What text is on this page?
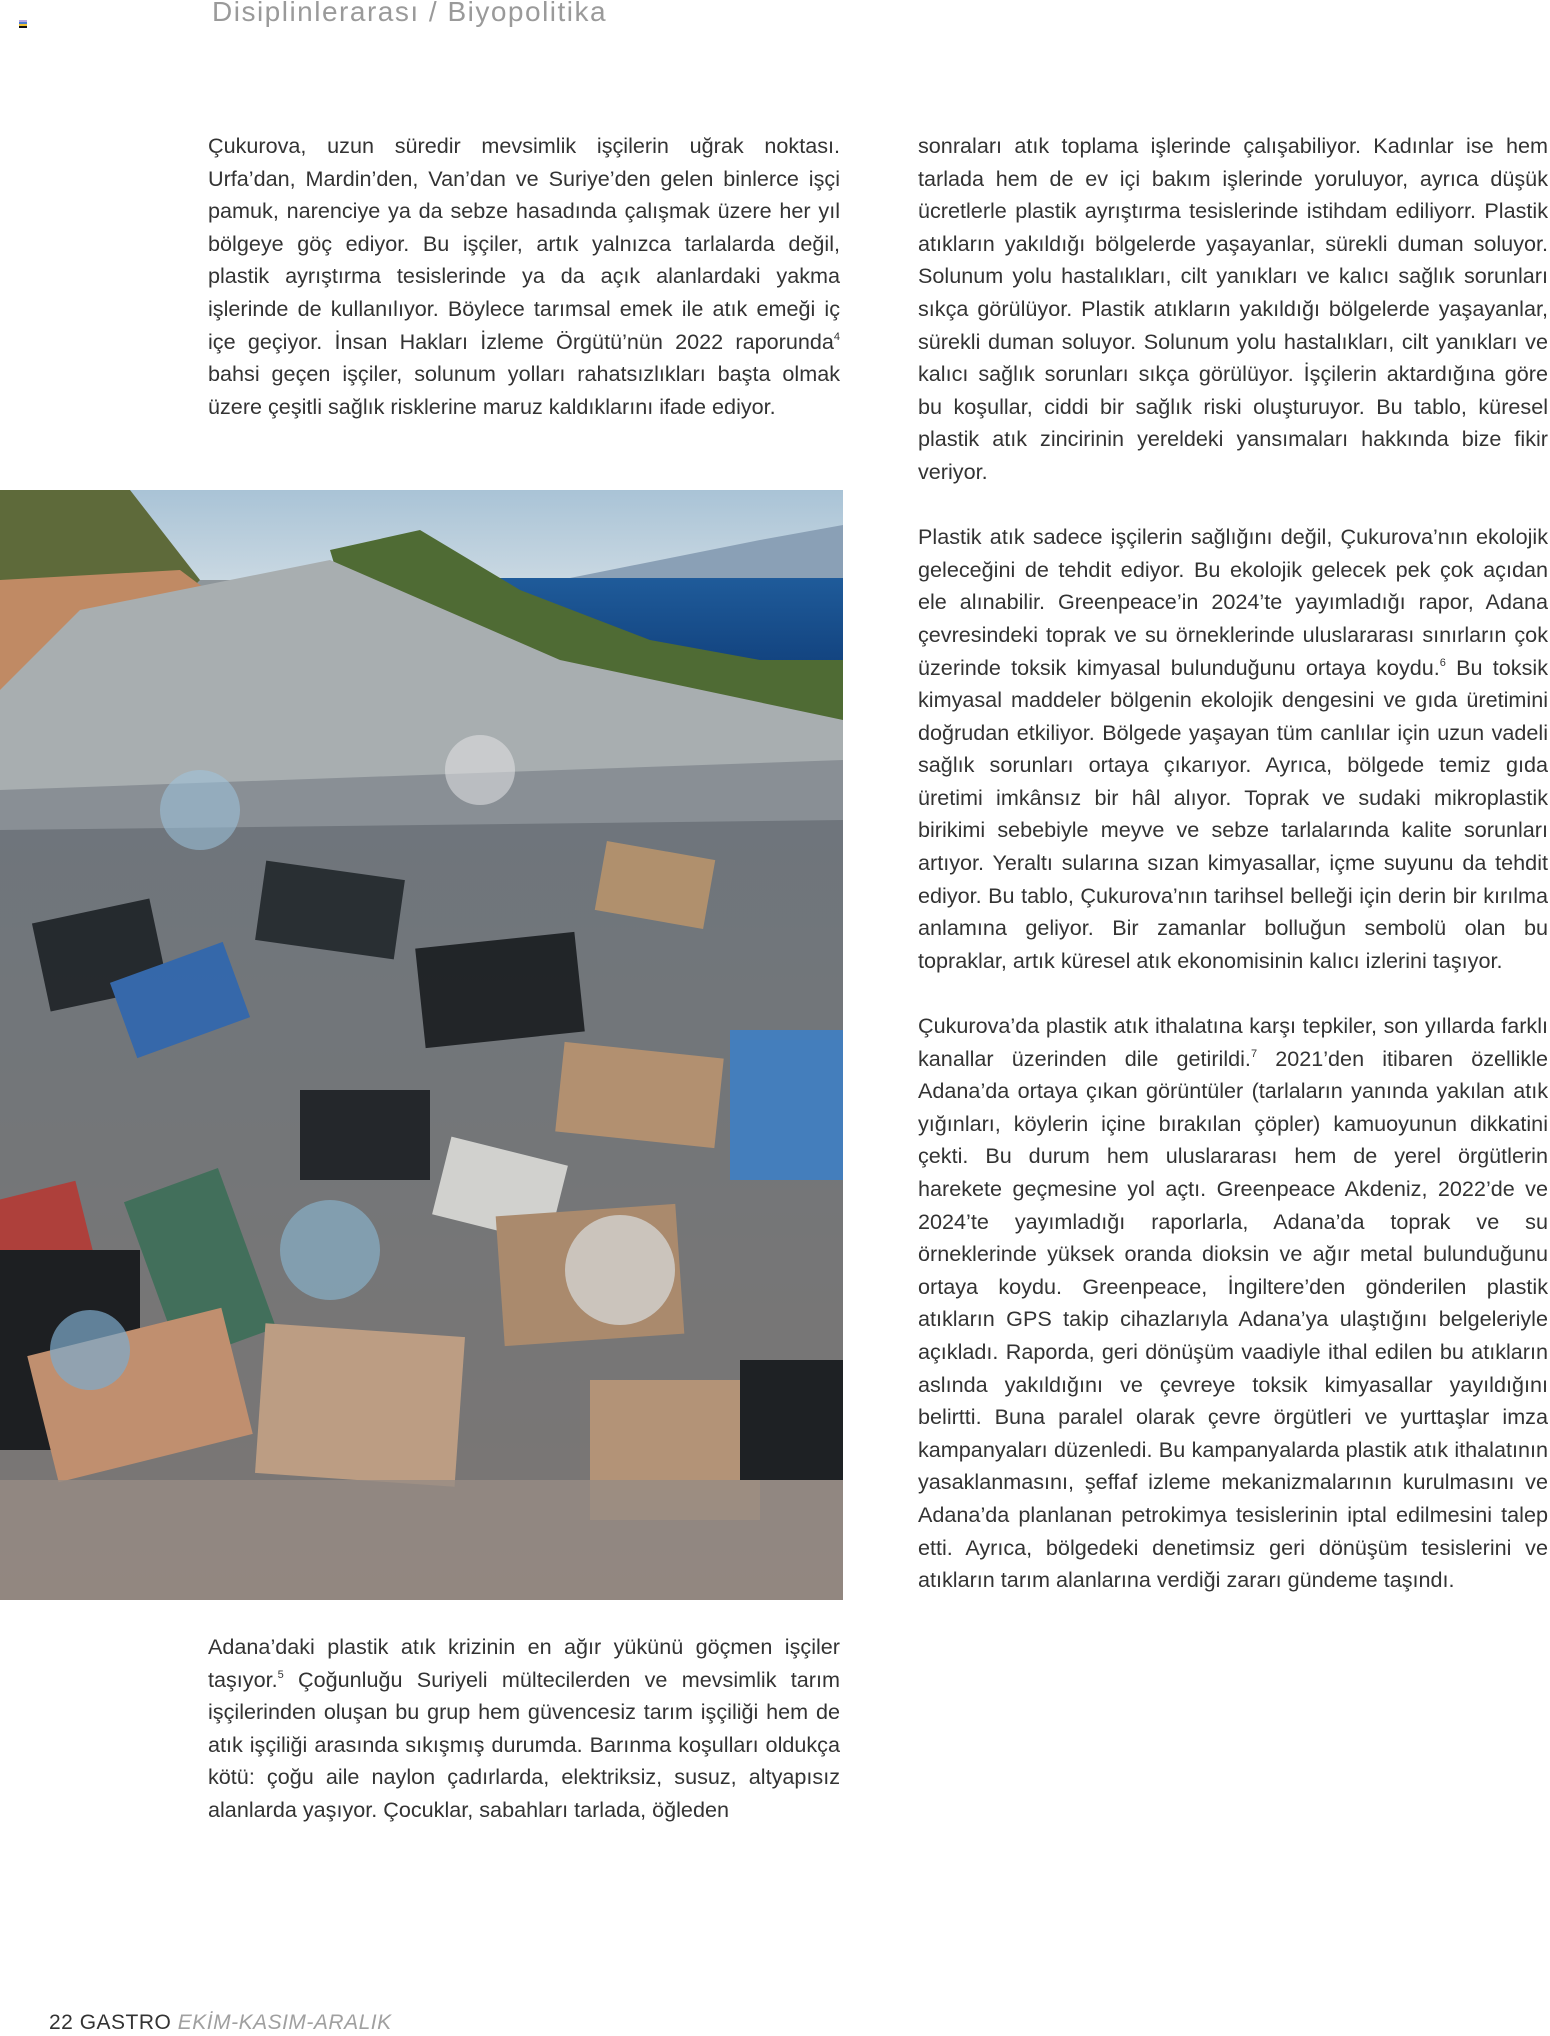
Disiplinlerarası / Biyopolitika

Çukurova, uzun süredir mevsimlik işçilerin uğrak noktası. Urfa’dan, Mardin’den, Van’dan ve Suriye’den gelen binlerce işçi pamuk, narenciye ya da sebze hasadında çalışmak üzere her yıl bölgeye göç ediyor. Bu işçiler, artık yalnızca tarlalarda değil, plastik ayrıştırma tesislerinde ya da açık alanlardaki yakma işlerinde de kullanılıyor. Böylece tarımsal emek ile atık emeği iç içe geçiyor. İnsan Hakları İzleme Örgütü’nün 2022 raporunda$^4$ bahsi geçen işçiler, solunum yolları rahatsızlıkları başta olmak üzere çeşitli sağlık risklerine maruz kaldıklarını ifade ediyor.

Adana’daki plastik atık krizinin en ağır yükünü göçmen işçiler taşıyor.$^5$ Çoğunluğu Suriyeli mültecilerden ve mevsimlik tarım işçilerinden oluşan bu grup hem güvencesiz tarım işçiliği hem de atık işçiliği arasında sıkışmış durumda. Barınma koşulları oldukça kötü: çoğu aile naylon çadırlarda, elektriksiz, susuz, altyapısız alanlarda yaşıyor. Çocuklar, sabahları tarlada, öğleden

sonraları atık toplama işlerinde çalışabiliyor. Kadınlar ise hem tarlada hem de ev içi bakım işlerinde yoruluyor, ayrıca düşük ücretlerle plastik ayrıştırma tesislerinde istihdam ediliyorr. Plastik atıkların yakıldığı bölgelerde yaşayanlar, sürekli duman soluyor. Solunum yolu hastalıkları, cilt yanıkları ve kalıcı sağlık sorunları sıkça görülüyor. Plastik atıkların yakıldığı bölgelerde yaşayanlar, sürekli duman soluyor. Solunum yolu hastalıkları, cilt yanıkları ve kalıcı sağlık sorunları sıkça görülüyor. İşçilerin aktardığına göre bu koşullar, ciddi bir sağlık riski oluşturuyor. Bu tablo, küresel plastik atık zincirinin yereldeki yansımaları hakkında bize fikir veriyor.

Plastik atık sadece işçilerin sağlığını değil, Çukurova’nın ekolojik geleceğini de tehdit ediyor. Bu ekolojik gelecek pek çok açıdan ele alınabilir. Greenpeace’in 2024’te yayımladığı rapor, Adana çevresindeki toprak ve su örneklerinde uluslararası sınırların çok üzerinde toksik kimyasal bulunduğunu ortaya koydu.$^6$ Bu toksik kimyasal maddeler bölgenin ekolojik dengesini ve gıda üretimini doğrudan etkiliyor. Bölgede yaşayan tüm canlılar için uzun vadeli sağlık sorunları ortaya çıkarıyor. Ayrıca, bölgede temiz gıda üretimi imkânsız bir hâl alıyor. Toprak ve sudaki mikroplastik birikimi sebebiyle meyve ve sebze tarlalarında kalite sorunları artıyor. Yeraltı sularına sızan kimyasallar, içme suyunu da tehdit ediyor. Bu tablo, Çukurova’nın tarihsel belleği için derin bir kırılma anlamına geliyor. Bir zamanlar bolluğun sembolü olan bu topraklar, artık küresel atık ekonomisinin kalıcı izlerini taşıyor.

Çukurova’da plastik atık ithalatına karşı tepkiler, son yıllarda farklı kanallar üzerinden dile getirildi.$^7$ 2021’den itibaren özellikle Adana’da ortaya çıkan görüntüler (tarlaların yanında yakılan atık yığınları, köylerin içine bırakılan çöpler) kamuoyunun dikkatini çekti. Bu durum hem uluslararası hem de yerel örgütlerin harekete geçmesine yol açtı. Greenpeace Akdeniz, 2022’de ve 2024’te yayımladığı raporlarla, Adana’da toprak ve su örneklerinde yüksek oranda dioksin ve ağır metal bulunduğunu ortaya koydu. Greenpeace, İngiltere’den gönderilen plastik atıkların GPS takip cihazlarıyla Adana’ya ulaştığını belgeleriyle açıkladı. Raporda, geri dönüşüm vaadiyle ithal edilen bu atıkların aslında yakıldığını ve çevreye toksik kimyasallar yayıldığını belirtti. Buna paralel olarak çevre örgütleri ve yurttaşlar imza kampanyaları düzenledi. Bu kampanyalarda plastik atık ithalatının yasaklanmasını, şeffaf izleme mekanizmalarının kurulmasını ve Adana’da planlanan petrokimya tesislerinin iptal edilmesini talep etti. Ayrıca, bölgedeki denetimsiz geri dönüşüm tesislerini ve atıkların tarım alanlarına verdiği zararı gündeme taşındı.

22 GASTRO EKİM-KASIM-ARALIK
